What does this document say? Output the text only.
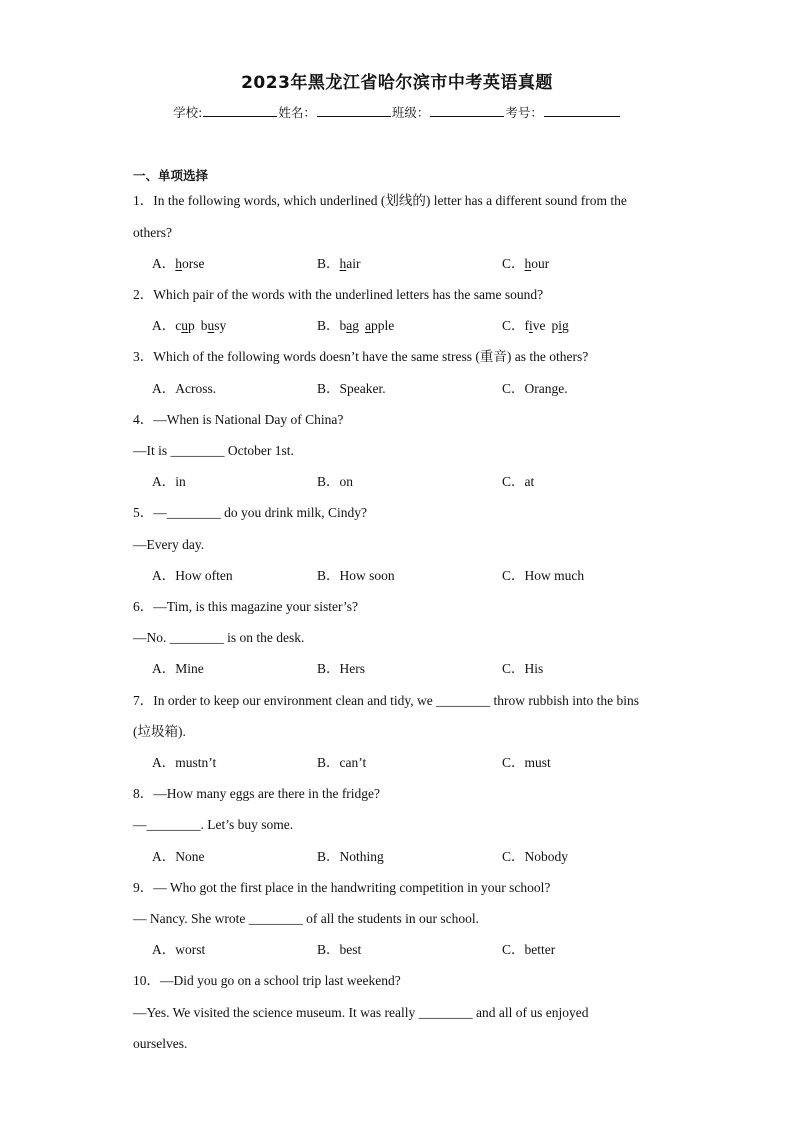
2023年黑龙江省哈尔滨市中考英语真题
学校:	姓名：	班级：	考号：
一、单项选择
1．In the following words, which underlined (划线的) letter has a different sound from the
others?
A．horse	B．hair	C．hour
2．Which pair of the words with the underlined letters has the same sound?
A．cup busy	B．bag apple	C．five pig
3．Which of the following words doesn’t have the same stress (重音) as the others?
A．Across.	B．Speaker.	C．Orange.
4．—When is National Day of China?
—It is ________ October 1st.
A．in	B．on	C．at
5．—________ do you drink milk, Cindy?
—Every day.
A．How often	B．How soon	C．How much
6．—Tim, is this magazine your sister’s?
—No. ________ is on the desk.
A．Mine	B．Hers	C．His
7．In order to keep our environment clean and tidy, we ________ throw rubbish into the bins
(垃圾箱).
A．mustn’t	B．can’t	C．must
8．—How many eggs are there in the fridge?
—________. Let’s buy some.
A．None	B．Nothing	C．Nobody
9．— Who got the first place in the handwriting competition in your school?
— Nancy. She wrote ________ of all the students in our school.
A．worst	B．best	C．better
10．—Did you go on a school trip last weekend?
—Yes. We visited the science museum. It was really ________ and all of us enjoyed
ourselves.
